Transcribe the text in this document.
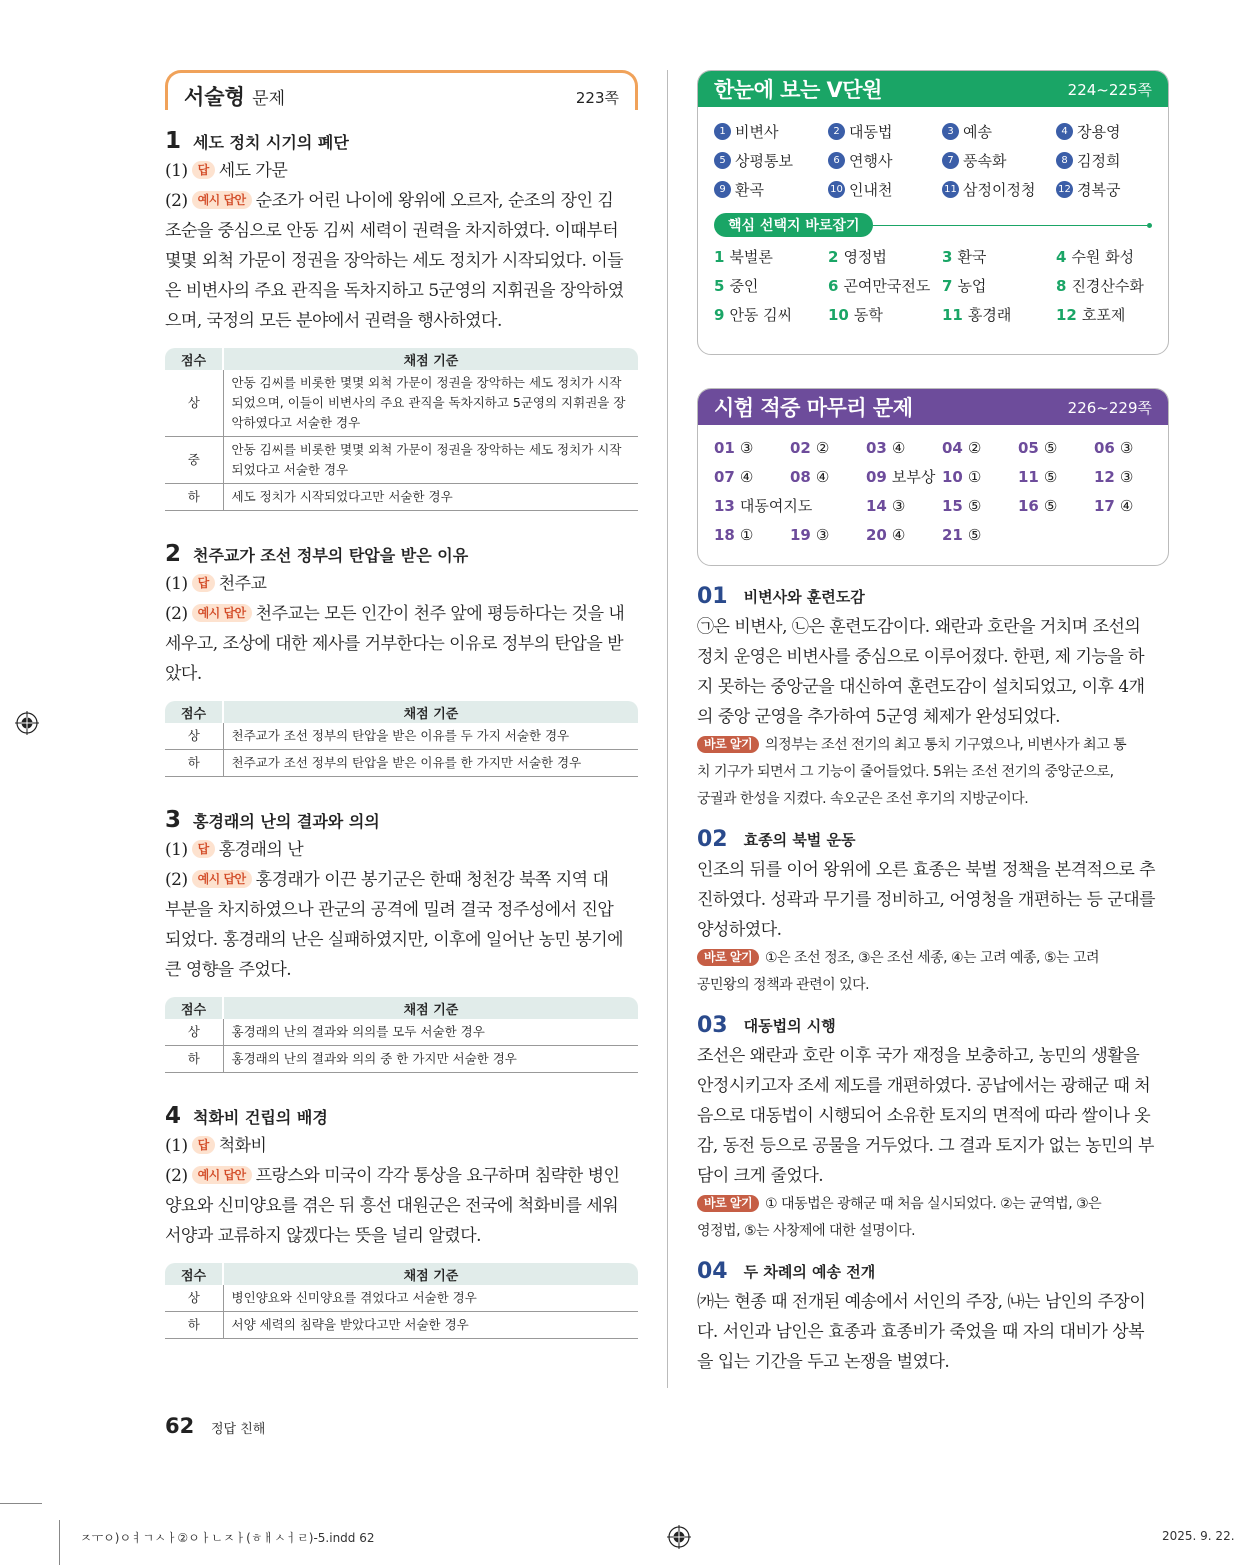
서술형 문제	223쪽
1 세도 정치 시기의 폐단
(1) 답 세도 가문
(2) 예시 답안 순조가 어린 나이에 왕위에 오르자, 순조의 장인 김
조순을 중심으로 안동 김씨 세력이 권력을 차지하였다. 이때부터
몇몇 외척 가문이 정권을 장악하는 세도 정치가 시작되었다. 이들
은 비변사의 주요 관직을 독차지하고 5군영의 지휘권을 장악하였
으며, 국정의 모든 분야에서 권력을 행사하였다.
점수	채점 기준
상	안동 김씨를 비롯한 몇몇 외척 가문이 정권을 장악하는 세도 정치가 시작되었으며, 이들이 비변사의 주요 관직을 독차지하고 5군영의 지휘권을 장악하였다고 서술한 경우
중	안동 김씨를 비롯한 몇몇 외척 가문이 정권을 장악하는 세도 정치가 시작되었다고 서술한 경우
하	세도 정치가 시작되었다고만 서술한 경우
2 천주교가 조선 정부의 탄압을 받은 이유
(1) 답 천주교
(2) 예시 답안 천주교는 모든 인간이 천주 앞에 평등하다는 것을 내
세우고, 조상에 대한 제사를 거부한다는 이유로 정부의 탄압을 받
았다.
점수	채점 기준
상	천주교가 조선 정부의 탄압을 받은 이유를 두 가지 서술한 경우
하	천주교가 조선 정부의 탄압을 받은 이유를 한 가지만 서술한 경우
3 홍경래의 난의 결과와 의의
(1) 답 홍경래의 난
(2) 예시 답안 홍경래가 이끈 봉기군은 한때 청천강 북쪽 지역 대
부분을 차지하였으나 관군의 공격에 밀려 결국 정주성에서 진압
되었다. 홍경래의 난은 실패하였지만, 이후에 일어난 농민 봉기에
큰 영향을 주었다.
점수	채점 기준
상	홍경래의 난의 결과와 의의를 모두 서술한 경우
하	홍경래의 난의 결과와 의의 중 한 가지만 서술한 경우
4 척화비 건립의 배경
(1) 답 척화비
(2) 예시 답안 프랑스와 미국이 각각 통상을 요구하며 침략한 병인
양요와 신미양요를 겪은 뒤 흥선 대원군은 전국에 척화비를 세워
서양과 교류하지 않겠다는 뜻을 널리 알렸다.
점수	채점 기준
상	병인양요와 신미양요를 겪었다고 서술한 경우
하	서양 세력의 침략을 받았다고만 서술한 경우
한눈에 보는 V단원	224~225쪽
1 비변사	2 대동법	3 예송	4 장용영
5 상평통보	6 연행사	7 풍속화	8 김정희
9 환곡	10 인내천	11 삼정이정청 12 경복궁
핵심 선택지 바로잡기
1 북벌론	2 영정법	3 환국	4 수원 화성
5 중인	6 곤여만국전도 7 농업	8 진경산수화
9 안동 김씨 10 동학	11 홍경래	12 호포제
시험 적중 마무리 문제	226~229쪽
01 ③ 02 ② 03 ④ 04 ② 05 ⑤ 06 ③
07 ④ 08 ④ 09 보부상 10 ① 11 ⑤ 12 ③
13 대동여지도	14 ③ 15 ⑤ 16 ⑤ 17 ④
18 ① 19 ③ 20 ④ 21 ⑤
01 비변사와 훈련도감
㉠은 비변사, ㉡은 훈련도감이다. 왜란과 호란을 거치며 조선의
정치 운영은 비변사를 중심으로 이루어졌다. 한편, 제 기능을 하
지 못하는 중앙군을 대신하여 훈련도감이 설치되었고, 이후 4개
의 중앙 군영을 추가하여 5군영 체제가 완성되었다.
바로 알기 의정부는 조선 전기의 최고 통치 기구였으나, 비변사가 최고 통
치 기구가 되면서 그 기능이 줄어들었다. 5위는 조선 전기의 중앙군으로,
궁궐과 한성을 지켰다. 속오군은 조선 후기의 지방군이다.
02 효종의 북벌 운동
인조의 뒤를 이어 왕위에 오른 효종은 북벌 정책을 본격적으로 추
진하였다. 성곽과 무기를 정비하고, 어영청을 개편하는 등 군대를
양성하였다.
바로 알기 ①은 조선 정조, ③은 조선 세종, ④는 고려 예종, ⑤는 고려
공민왕의 정책과 관련이 있다.
03 대동법의 시행
조선은 왜란과 호란 이후 국가 재정을 보충하고, 농민의 생활을
안정시키고자 조세 제도를 개편하였다. 공납에서는 광해군 때 처
음으로 대동법이 시행되어 소유한 토지의 면적에 따라 쌀이나 옷
감, 동전 등으로 공물을 거두었다. 그 결과 토지가 없는 농민의 부
담이 크게 줄었다.
바로 알기 ① 대동법은 광해군 때 처음 실시되었다. ②는 균역법, ③은
영정법, ⑤는 사창제에 대한 설명이다.
04 두 차례의 예송 전개
㈎는 현종 때 전개된 예송에서 서인의 주장, ㈏는 남인의 주장이
다. 서인과 남인은 효종과 효종비가 죽었을 때 자의 대비가 상복
을 입는 기간을 두고 논쟁을 벌였다.
62 정답 친해
ㅈㅜㅇ)ㅇㅕㄱㅅㅏ②ㅇㅏㄴㅈㅏ(ㅎㅐㅅㅓㄹ)-5.indd 62	2025. 9. 22.
